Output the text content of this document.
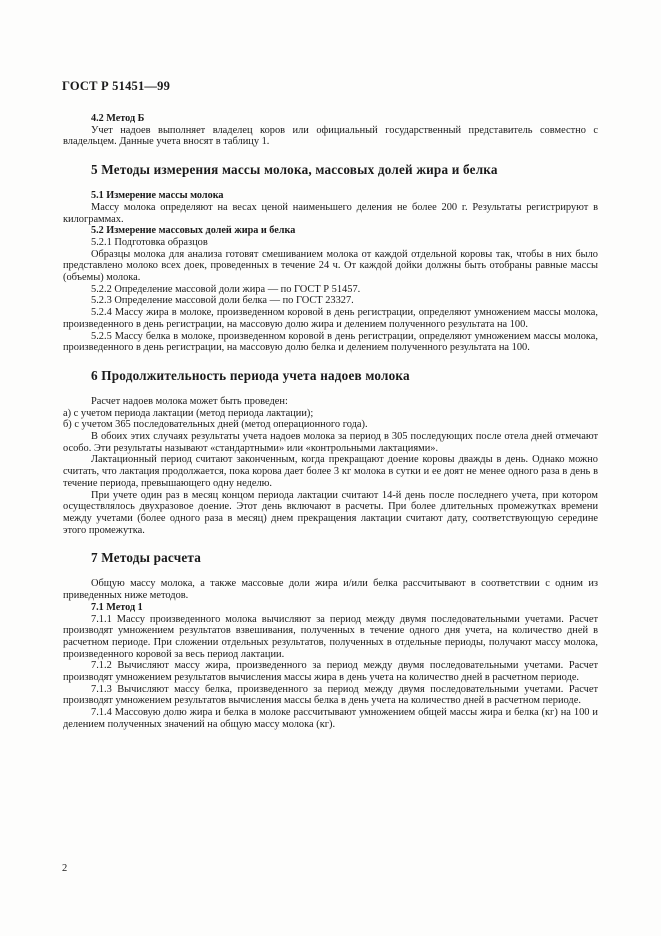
ГОСТ Р 51451—99

4.2 Метод Б

Учет надоев выполняет владелец коров или официальный государственный представитель совместно с владельцем. Данные учета вносят в таблицу 1.

5 Методы измерения массы молока, массовых долей жира и белка

5.1 Измерение массы молока

Массу молока определяют на весах ценой наименьшего деления не более 200 г. Результаты регистрируют в килограммах.

5.2 Измерение массовых долей жира и белка

5.2.1 Подготовка образцов

Образцы молока для анализа готовят смешиванием молока от каждой отдельной коровы так, чтобы в них было представлено молоко всех доек, проведенных в течение 24 ч. От каждой дойки должны быть отобраны равные массы (объемы) молока.

5.2.2 Определение массовой доли жира — по ГОСТ Р 51457.

5.2.3 Определение массовой доли белка — по ГОСТ 23327.

5.2.4 Массу жира в молоке, произведенном коровой в день регистрации, определяют умножением массы молока, произведенного в день регистрации, на массовую долю жира и делением полученного результата на 100.

5.2.5 Массу белка в молоке, произведенном коровой в день регистрации, определяют умножением массы молока, произведенного в день регистрации, на массовую долю белка и делением полученного результата на 100.

6 Продолжительность периода учета надоев молока

Расчет надоев молока может быть проведен:

а) с учетом периода лактации (метод периода лактации);

б) с учетом 365 последовательных дней (метод операционного года).

В обоих этих случаях результаты учета надоев молока за период в 305 последующих после отела дней отмечают особо. Эти результаты называют «стандартными» или «контрольными лактациями».

Лактационный период считают законченным, когда прекращают доение коровы дважды в день. Однако можно считать, что лактация продолжается, пока корова дает более 3 кг молока в сутки и ее доят не менее одного раза в день в течение периода, превышающего одну неделю.

При учете один раз в месяц концом периода лактации считают 14-й день после последнего учета, при котором осуществлялось двухразовое доение. Этот день включают в расчеты. При более длительных промежутках времени между учетами (более одного раза в месяц) днем прекращения лактации считают дату, соответствующую середине этого промежутка.

7 Методы расчета

Общую массу молока, а также массовые доли жира и/или белка рассчитывают в соответствии с одним из приведенных ниже методов.

7.1 Метод 1

7.1.1 Массу произведенного молока вычисляют за период между двумя последовательными учетами. Расчет производят умножением результатов взвешивания, полученных в течение одного дня учета, на количество дней в расчетном периоде. При сложении отдельных результатов, полученных в отдельные периоды, получают массу молока, произведенного коровой за весь период лактации.

7.1.2 Вычисляют массу жира, произведенного за период между двумя последовательными учетами. Расчет производят умножением результатов вычисления массы жира в день учета на количество дней в расчетном периоде.

7.1.3 Вычисляют массу белка, произведенного за период между двумя последовательными учетами. Расчет производят умножением результатов вычисления массы белка в день учета на количество дней в расчетном периоде.

7.1.4 Массовую долю жира и белка в молоке рассчитывают умножением общей массы жира и белка (кг) на 100 и делением полученных значений на общую массу молока (кг).

2
